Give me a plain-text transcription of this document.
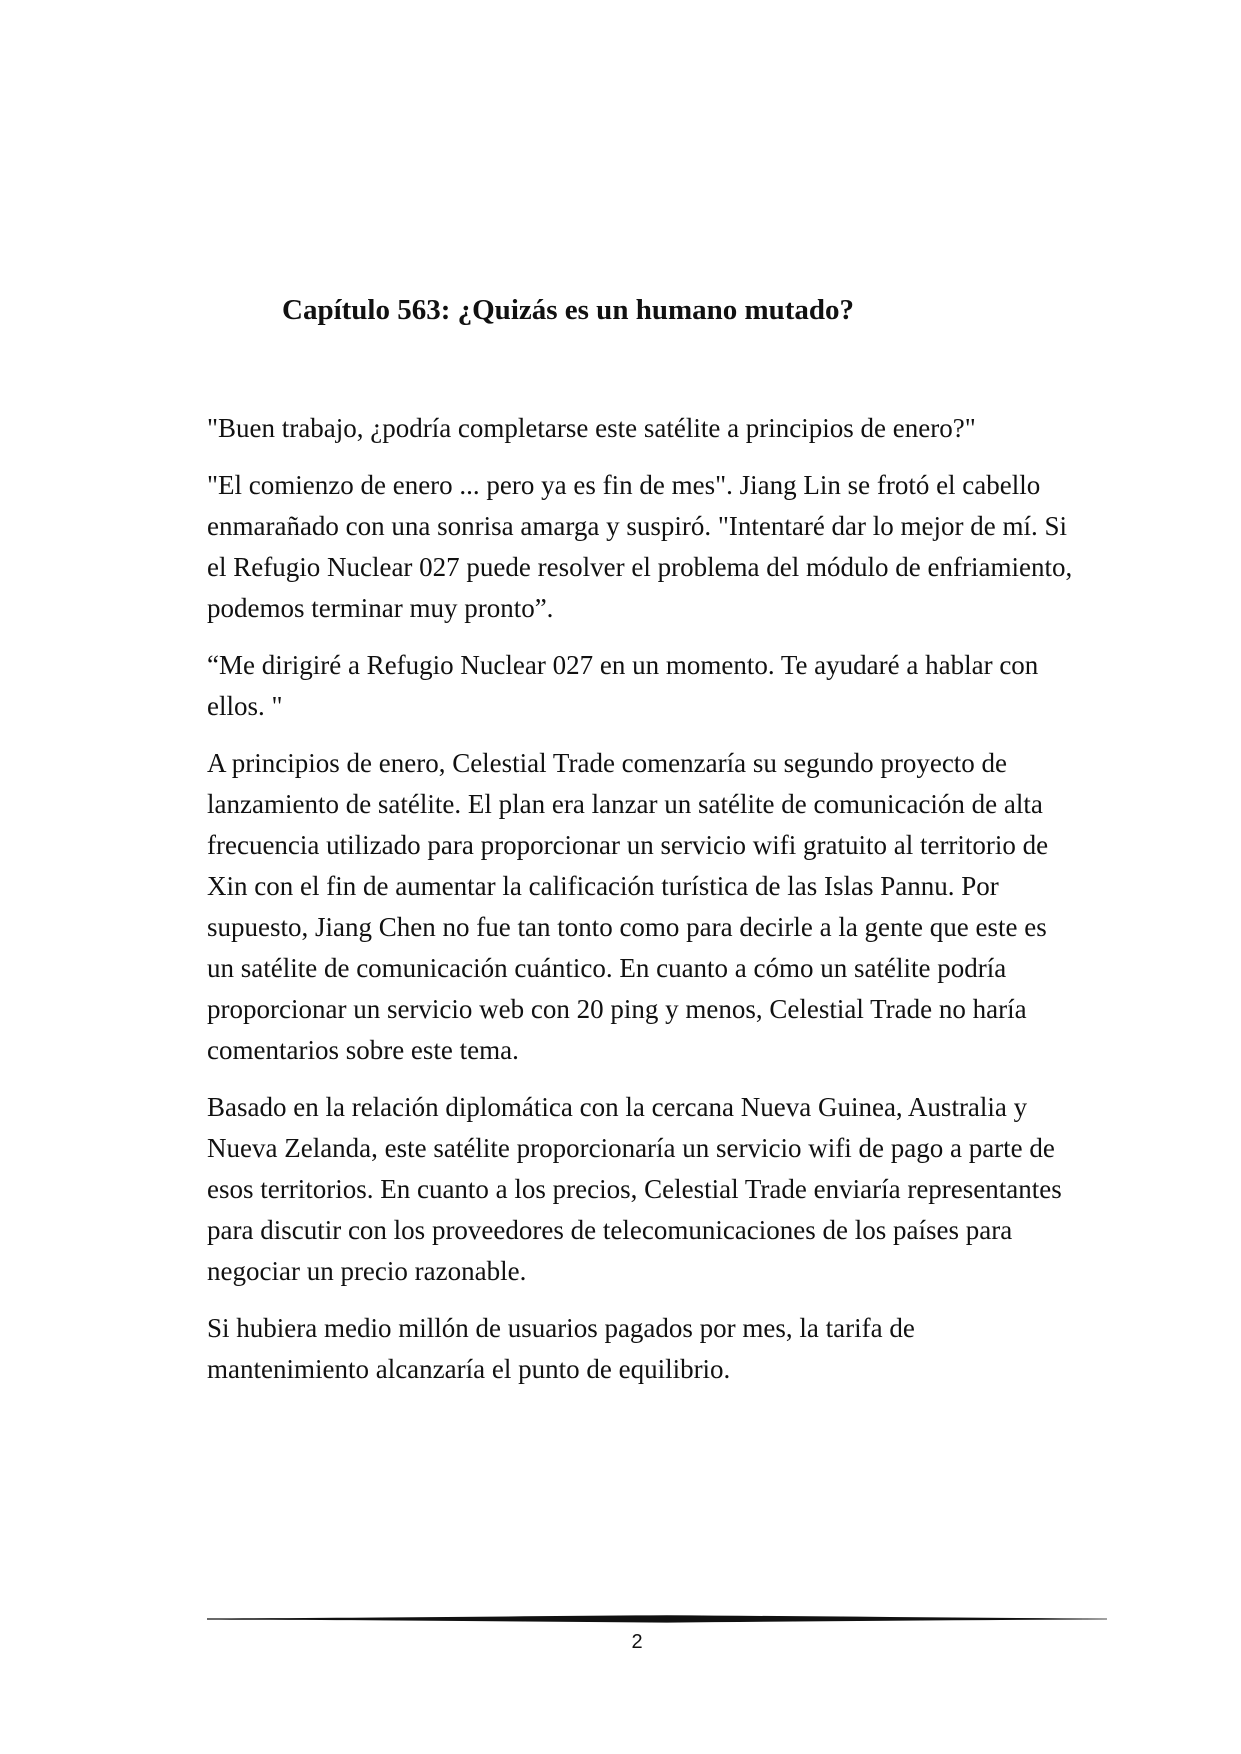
Capítulo 563: ¿Quizás es un humano mutado?

"Buen trabajo, ¿podría completarse este satélite a principios de enero?"

"El comienzo de enero ... pero ya es fin de mes". Jiang Lin se frotó el cabello enmarañado con una sonrisa amarga y suspiró. "Intentaré dar lo mejor de mí. Si el Refugio Nuclear 027 puede resolver el problema del módulo de enfriamiento, podemos terminar muy pronto”.

“Me dirigiré a Refugio Nuclear 027 en un momento. Te ayudaré a hablar con ellos. "

A principios de enero, Celestial Trade comenzaría su segundo proyecto de lanzamiento de satélite. El plan era lanzar un satélite de comunicación de alta frecuencia utilizado para proporcionar un servicio wifi gratuito al territorio de Xin con el fin de aumentar la calificación turística de las Islas Pannu. Por supuesto, Jiang Chen no fue tan tonto como para decirle a la gente que este es un satélite de comunicación cuántico. En cuanto a cómo un satélite podría proporcionar un servicio web con 20 ping y menos, Celestial Trade no haría comentarios sobre este tema.

Basado en la relación diplomática con la cercana Nueva Guinea, Australia y Nueva Zelanda, este satélite proporcionaría un servicio wifi de pago a parte de esos territorios. En cuanto a los precios, Celestial Trade enviaría representantes para discutir con los proveedores de telecomunicaciones de los países para negociar un precio razonable.

Si hubiera medio millón de usuarios pagados por mes, la tarifa de mantenimiento alcanzaría el punto de equilibrio.

2
